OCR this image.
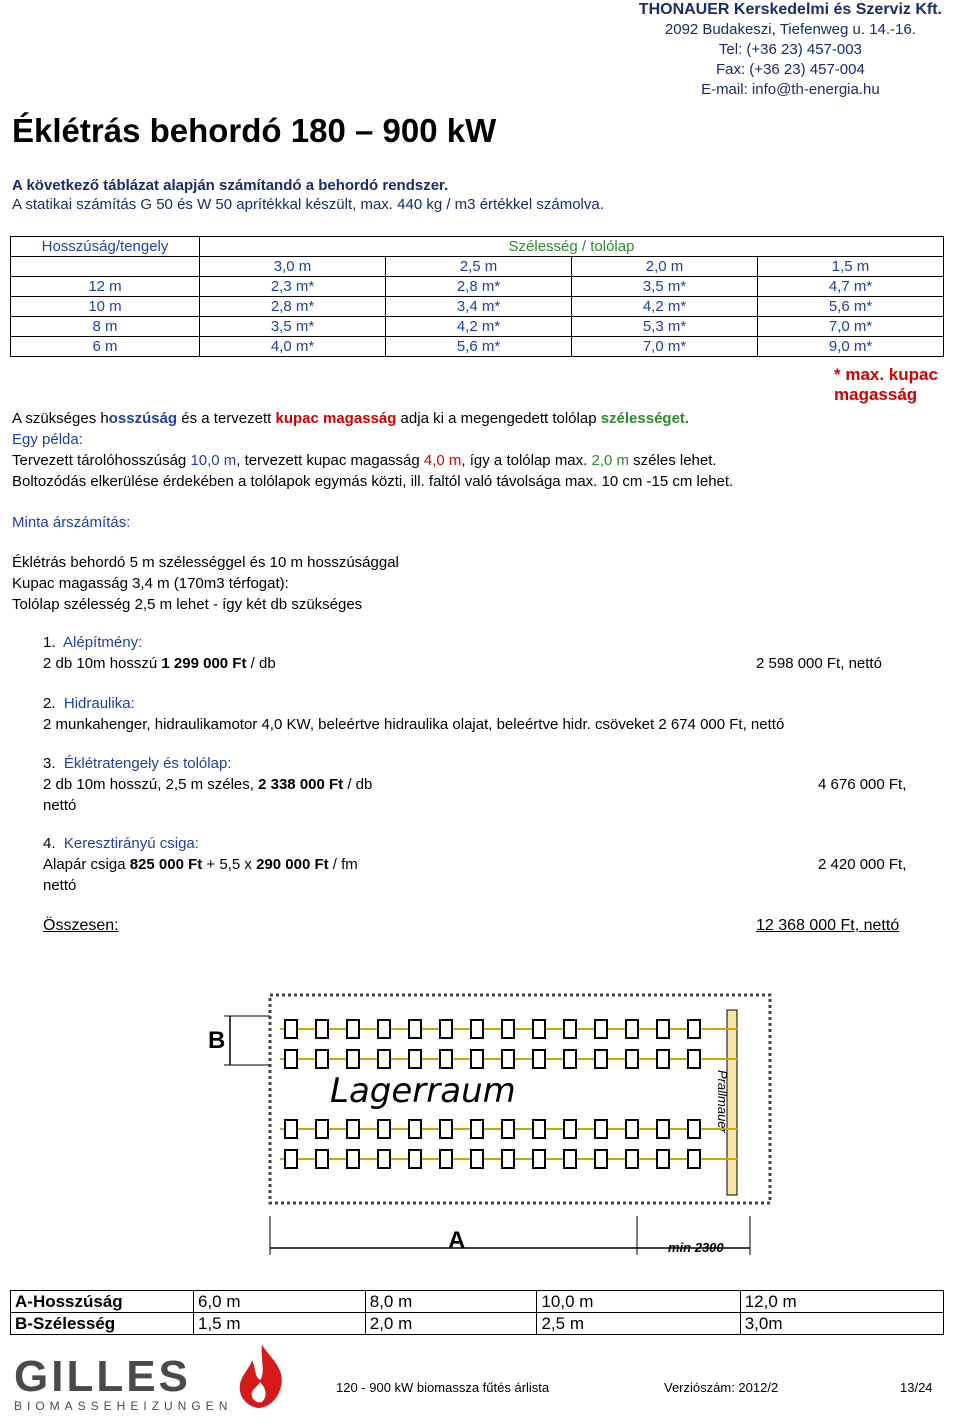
THONAUER Kerskedelmi és Szerviz Kft.
2092 Budakeszi, Tiefenweg u. 14.-16.
Tel: (+36 23) 457-003
Fax: (+36 23) 457-004
E-mail: info@th-energia.hu
Éklétrás behordó 180 – 900 kW
A következő táblázat alapján számítandó a behordó rendszer.
A statikai számítás G 50 és W 50 aprítékkal készült, max. 440 kg / m3 értékkel számolva.
Hosszúság/tengely	Szélesség / tolólap			
	3,0 m	2,5 m	2,0 m	1,5 m
12 m	2,3 m*	2,8 m*	3,5 m*	4,7 m*
10 m	2,8 m*	3,4 m*	4,2 m*	5,6 m*
8 m	3,5 m*	4,2 m*	5,3 m*	7,0 m*
6 m	4,0 m*	5,6 m*	7,0 m*	9,0 m*
* max. kupac magasság
A szükséges hosszúság és a tervezett kupac magasság adja ki a megengedett tolólap szélességet.
Egy példa:
Tervezett tárolóhosszúság 10,0 m, tervezett kupac magasság 4,0 m, így a tolólap max. 2,0 m széles lehet.
Boltozódás elkerülése érdekében a tolólapok egymás közti, ill. faltól való távolsága max. 10 cm -15 cm lehet.
Minta árszámítás:
Éklétrás behordó 5 m szélességgel és 10 m hosszúsággal
Kupac magasság 3,4 m (170m3 térfogat):
Tolólap szélesség 2,5 m lehet - így két db szükséges
1. Alépítmény:
2 db 10m hosszú 1 299 000 Ft / db	2 598 000 Ft, nettó
2. Hidraulika:
2 munkahenger, hidraulikamotor 4,0 KW, beleértve hidraulika olajat, beleértve hidr. csöveket 2 674 000 Ft, nettó
3. Éklétratengely és tolólap:
2 db 10m hosszú, 2,5 m széles, 2 338 000 Ft / db
nettó
4 676 000 Ft,
4. Keresztirányú csiga:
Alapár csiga 825 000 Ft + 5,5 x 290 000 Ft / fm
nettó
2 420 000 Ft,
Összesen:	12 368 000 Ft, nettó
B
Prallmauer
Lagerraum
A	min 2300
A-Hosszúság	6,0 m	8,0 m	10,0 m	12,0 m
B-Szélesség	1,5 m	2,0 m	2,5 m	3,0m
GILLES
BIOMASSEHEIZUNGEN
120 - 900 kW biomassza fűtés árlista	Verziószám: 2012/2	13/24
